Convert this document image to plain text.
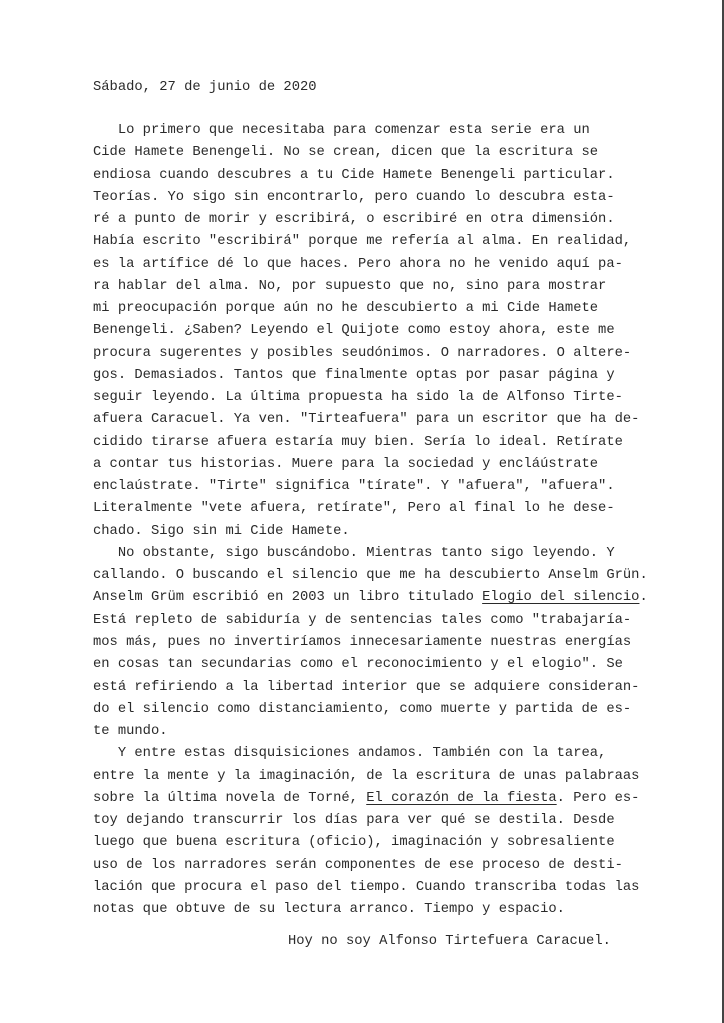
Sábado, 27 de junio de 2020
Lo primero que necesitaba para comenzar esta serie era un
Cide Hamete Benengeli. No se crean, dicen que la escritura se
endiosa cuando descubres a tu Cide Hamete Benengeli particular.
Teorías. Yo sigo sin encontrarlo, pero cuando lo descubra esta-
ré a punto de morir y escribirá, o escribiré en otra dimensión.
Había escrito "escribirá" porque me refería al alma. En realidad,
es la artífice dé lo que haces. Pero ahora no he venido aquí pa-
ra hablar del alma. No, por supuesto que no, sino para mostrar
mi preocupación porque aún no he descubierto a mi Cide Hamete
Benengeli. ¿Saben? Leyendo el Quijote como estoy ahora, este me
procura sugerentes y posibles seudónimos. O narradores. O altere-
gos. Demasiados. Tantos que finalmente optas por pasar página y
seguir leyendo. La última propuesta ha sido la de Alfonso Tirte-
afuera Caracuel. Ya ven. "Tirteafuera" para un escritor que ha de-
cidido tirarse afuera estaría muy bien. Sería lo ideal. Retírate
a contar tus historias. Muere para la sociedad y encláústrate
enclaústrate. "Tirte" significa "tírate". Y "afuera", "afuera".
Literalmente "vete afuera, retírate", Pero al final lo he dese-
chado. Sigo sin mi Cide Hamete.
No obstante, sigo buscándobo. Mientras tanto sigo leyendo. Y
callando. O buscando el silencio que me ha descubierto Anselm Grün.
Anselm Grüm escribió en 2003 un libro titulado Elogio del silencio.
Está repleto de sabiduría y de sentencias tales como "trabajaría-
mos más, pues no invertiríamos innecesariamente nuestras energías
en cosas tan secundarias como el reconocimiento y el elogio". Se
está refiriendo a la libertad interior que se adquiere consideran-
do el silencio como distanciamiento, como muerte y partida de es-
te mundo.
Y entre estas disquisiciones andamos. También con la tarea,
entre la mente y la imaginación, de la escritura de unas palabraas
sobre la última novela de Torné, El corazón de la fiesta. Pero es-
toy dejando transcurrir los días para ver qué se destila. Desde
luego que buena escritura (oficio), imaginación y sobresaliente
uso de los narradores serán componentes de ese proceso de desti-
lación que procura el paso del tiempo. Cuando transcriba todas las
notas que obtuve de su lectura arranco. Tiempo y espacio.
Hoy no soy Alfonso Tirtefuera Caracuel.
